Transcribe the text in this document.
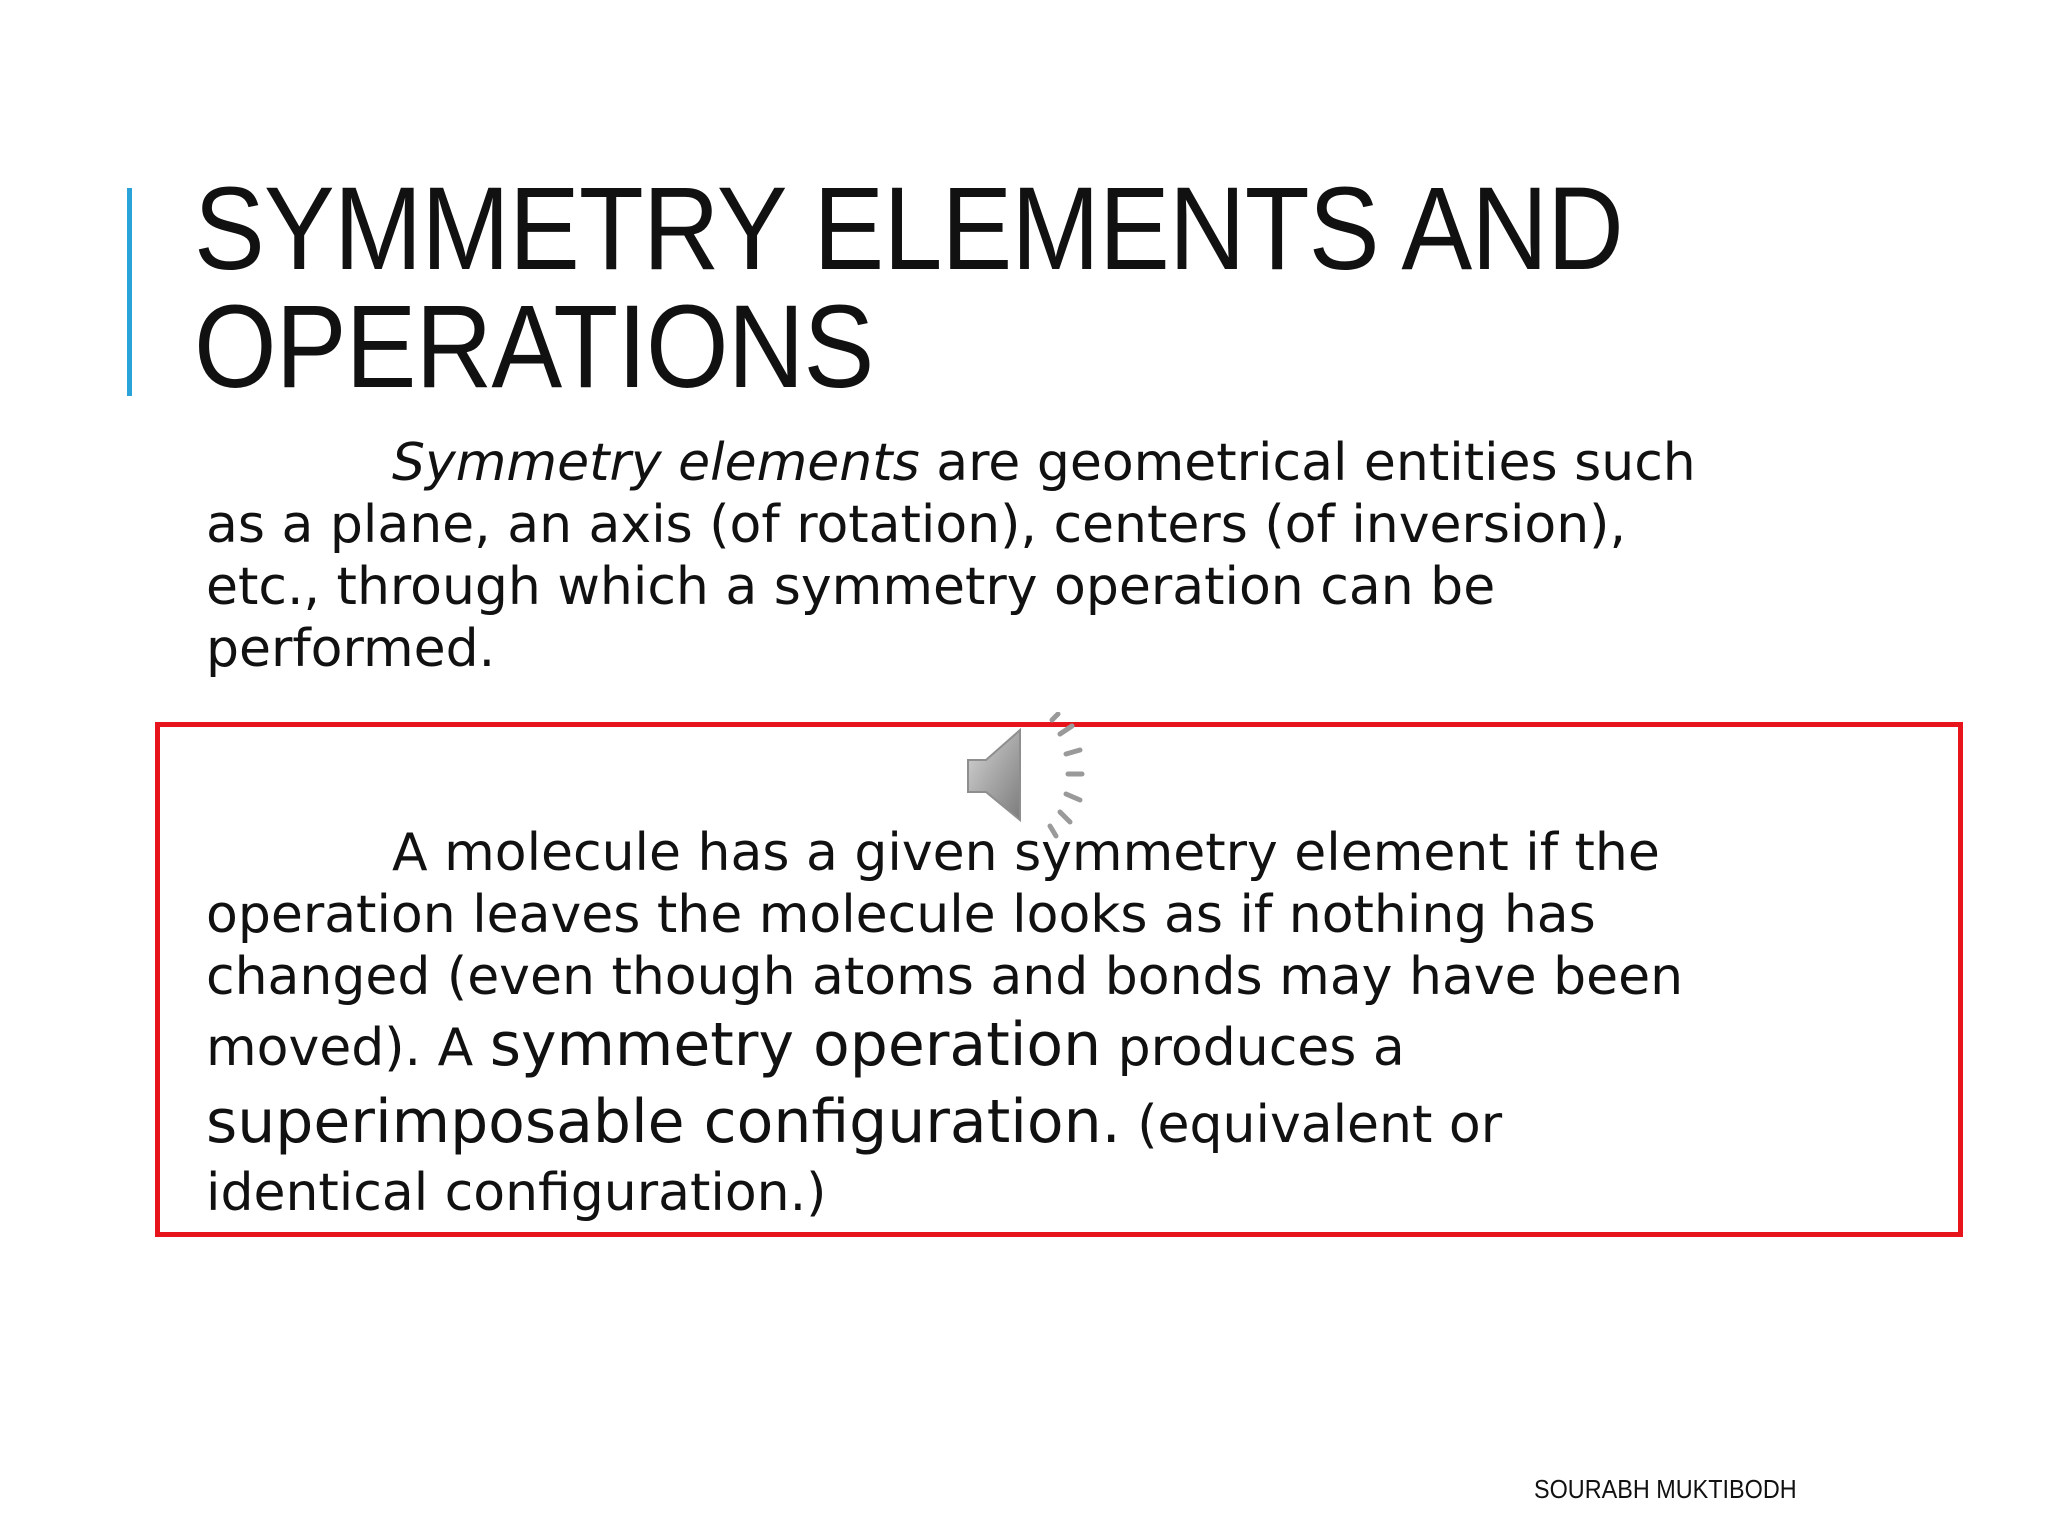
SYMMETRY ELEMENTS AND
OPERATIONS
Symmetry elements are geometrical entities such
as a plane, an axis (of rotation), centers (of inversion),
etc., through which a symmetry operation can be
performed.
A molecule has a given symmetry element if the
operation leaves the molecule looks as if nothing has
changed (even though atoms and bonds may have been
moved). A symmetry operation produces a
superimposable configuration. (equivalent or
identical configuration.)
SOURABH MUKTIBODH
